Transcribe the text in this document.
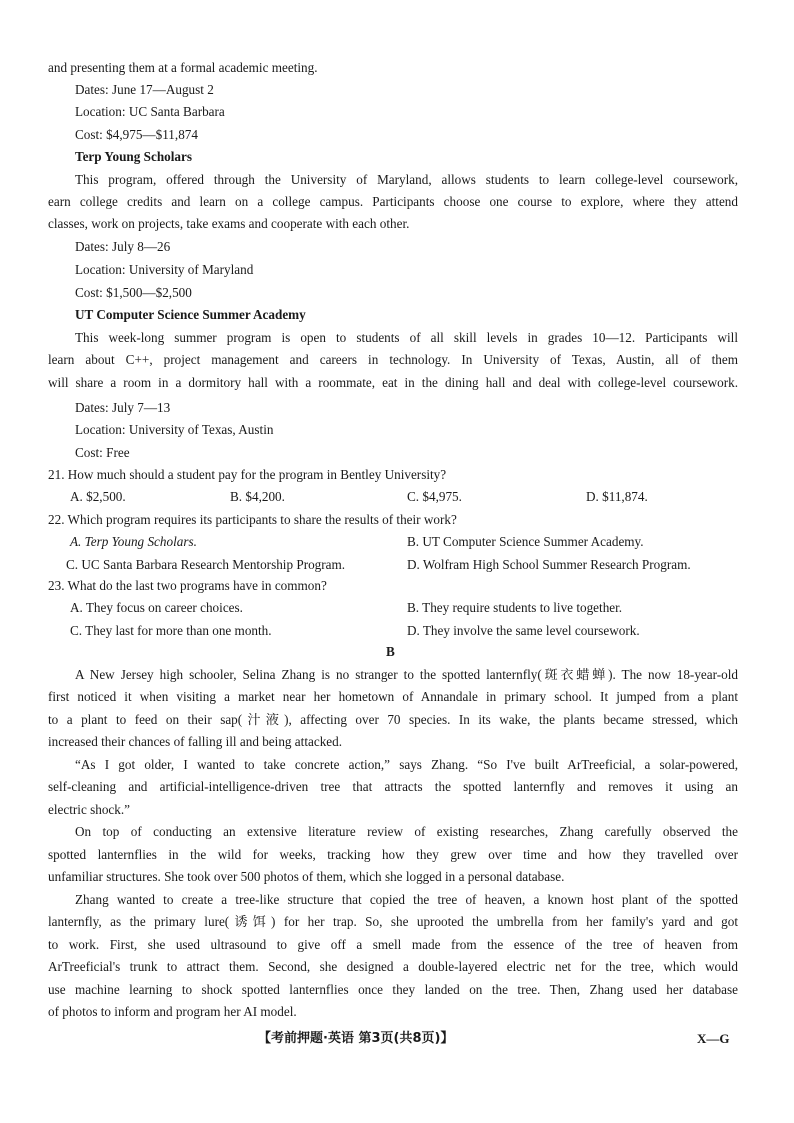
and presenting them at a formal academic meeting.
Dates: June 17—August 2
Location: UC Santa Barbara
Cost: $4,975—$11,874
Terp Young Scholars
This program, offered through the University of Maryland, allows students to learn college-level coursework,
earn college credits and learn on a college campus. Participants choose one course to explore, where they attend
classes, work on projects, take exams and cooperate with each other.
Dates: July 8—26
Location: University of Maryland
Cost: $1,500—$2,500
UT Computer Science Summer Academy
This week-long summer program is open to students of all skill levels in grades 10—12. Participants will
learn about C++, project management and careers in technology. In University of Texas, Austin, all of them
will share a room in a dormitory hall with a roommate, eat in the dining hall and deal with college-level coursework.
Dates: July 7—13
Location: University of Texas, Austin
Cost: Free
21. How much should a student pay for the program in Bentley University?
A. $2,500.	B. $4,200.	C. $4,975.	D. $11,874.
22. Which program requires its participants to share the results of their work?
A. Terp Young Scholars.	B. UT Computer Science Summer Academy.
C. UC Santa Barbara Research Mentorship Program.	D. Wolfram High School Summer Research Program.
23. What do the last two programs have in common?
A. They focus on career choices.	B. They require students to live together.
C. They last for more than one month.	D. They involve the same level coursework.
B
A New Jersey high schooler, Selina Zhang is no stranger to the spotted lanternfly(斑衣蜡蝉). The now 18-year-old
first noticed it when visiting a market near her hometown of Annandale in primary school. It jumped from a plant
to a plant to feed on their sap(汁液), affecting over 70 species. In its wake, the plants became stressed, which
increased their chances of falling ill and being attacked.
“As I got older, I wanted to take concrete action,” says Zhang. “So I've built ArTreeficial, a solar-powered,
self-cleaning and artificial-intelligence-driven tree that attracts the spotted lanternfly and removes it using an
electric shock.”
On top of conducting an extensive literature review of existing researches, Zhang carefully observed the
spotted lanternflies in the wild for weeks, tracking how they grew over time and how they travelled over
unfamiliar structures. She took over 500 photos of them, which she logged in a personal database.
Zhang wanted to create a tree-like structure that copied the tree of heaven, a known host plant of the spotted
lanternfly, as the primary lure(诱饵) for her trap. So, she uprooted the umbrella from her family's yard and got
to work. First, she used ultrasound to give off a smell made from the essence of the tree of heaven from
ArTreeficial's trunk to attract them. Second, she designed a double-layered electric net for the tree, which would
use machine learning to shock spotted lanternflies once they landed on the tree. Then, Zhang used her database
of photos to inform and program her AI model.
【考前押题·英语 第3页(共8页)】	X—G
